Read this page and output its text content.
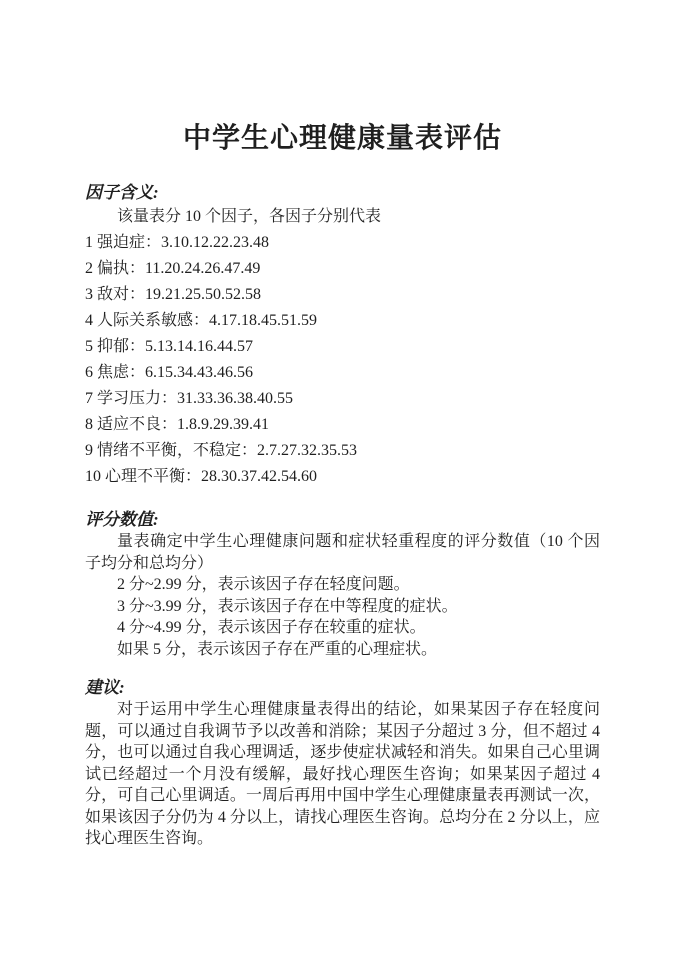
中学生心理健康量表评估
因子含义:

该量表分 10 个因子，各因子分别代表

1 强迫症：3.10.12.22.23.48
2 偏执：11.20.24.26.47.49
3 敌对：19.21.25.50.52.58
4 人际关系敏感：4.17.18.45.51.59
5 抑郁：5.13.14.16.44.57
6 焦虑：6.15.34.43.46.56
7 学习压力：31.33.36.38.40.55
8 适应不良：1.8.9.29.39.41
9 情绪不平衡，不稳定：2.7.27.32.35.53
10 心理不平衡：28.30.37.42.54.60
评分数值:

量表确定中学生心理健康问题和症状轻重程度的评分数值（10 个因子均分和总均分）

2 分~2.99 分，表示该因子存在轻度问题。
3 分~3.99 分，表示该因子存在中等程度的症状。
4 分~4.99 分，表示该因子存在较重的症状。
如果 5 分，表示该因子存在严重的心理症状。
建议:

对于运用中学生心理健康量表得出的结论，如果某因子存在轻度问题，可以通过自我调节予以改善和消除；某因子分超过 3 分，但不超过 4 分，也可以通过自我心理调适，逐步使症状减轻和消失。如果自己心里调试已经超过一个月没有缓解，最好找心理医生咨询；如果某因子超过 4 分，可自己心里调适。一周后再用中国中学生心理健康量表再测试一次，如果该因子分仍为 4 分以上，请找心理医生咨询。总均分在 2 分以上，应找心理医生咨询。
